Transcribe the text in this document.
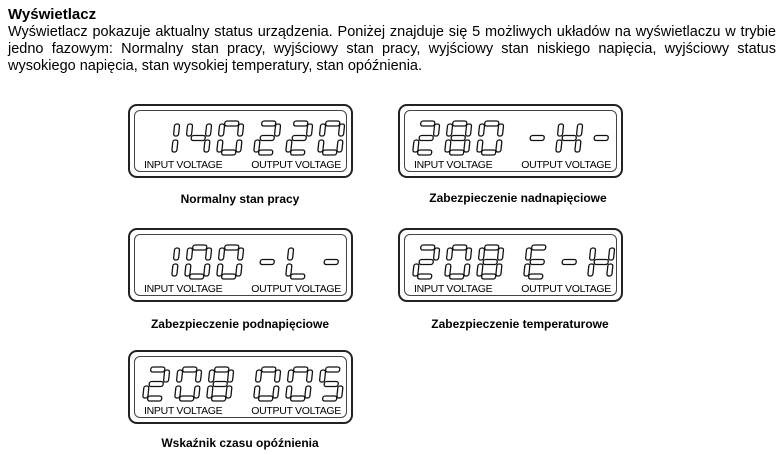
Wyświetlacz
Wyświetlacz pokazuje aktualny status urządzenia. Poniżej znajduje się 5 możliwych układów na wyświetlaczu w trybie jedno fazowym: Normalny stan pracy, wyjściowy stan pracy, wyjściowy stan niskiego napięcia, wyjściowy status wysokiego napięcia, stan wysokiej temperatury, stan opóźnienia.
INPUT VOLTAGE	OUTPUT VOLTAGE
Normalny stan pracy
INPUT VOLTAGE	OUTPUT VOLTAGE
Zabezpieczenie nadnapięciowe
INPUT VOLTAGE	OUTPUT VOLTAGE
Zabezpieczenie podnapięciowe
INPUT VOLTAGE	OUTPUT VOLTAGE
Zabezpieczenie temperaturowe
INPUT VOLTAGE	OUTPUT VOLTAGE
Wskaźnik czasu opóźnienia
